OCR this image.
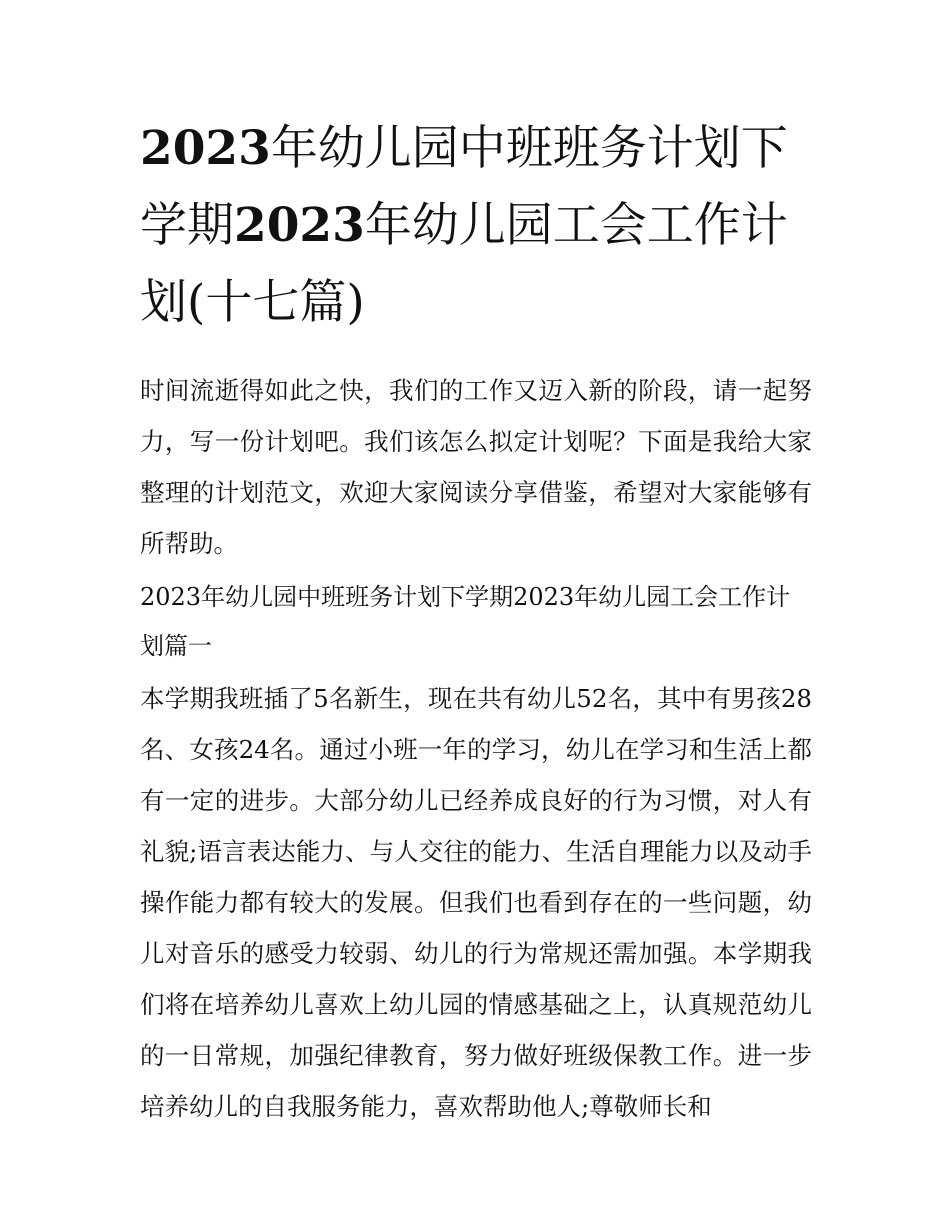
2023年幼儿园中班班务计划下学期2023年幼儿园工会工作计划(十七篇)

时间流逝得如此之快，我们的工作又迈入新的阶段，请一起努力，写一份计划吧。我们该怎么拟定计划呢？下面是我给大家整理的计划范文，欢迎大家阅读分享借鉴，希望对大家能够有所帮助。

2023年幼儿园中班班务计划下学期2023年幼儿园工会工作计划篇一

本学期我班插了5名新生，现在共有幼儿52名，其中有男孩28名、女孩24名。通过小班一年的学习，幼儿在学习和生活上都有一定的进步。大部分幼儿已经养成良好的行为习惯，对人有礼貌;语言表达能力、与人交往的能力、生活自理能力以及动手操作能力都有较大的发展。但我们也看到存在的一些问题，幼儿对音乐的感受力较弱、幼儿的行为常规还需加强。本学期我们将在培养幼儿喜欢上幼儿园的情感基础之上，认真规范幼儿的一日常规，加强纪律教育，努力做好班级保教工作。进一步培养幼儿的自我服务能力，喜欢帮助他人;尊敬师长和
